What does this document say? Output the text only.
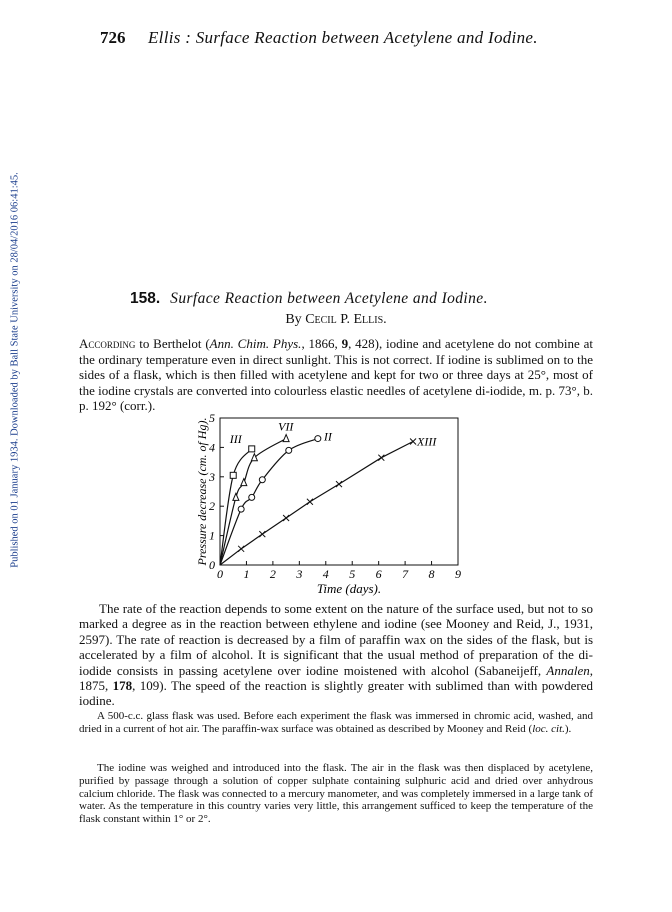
726 Ellis : Surface Reaction between Acetylene and Iodine.
Published on 01 January 1934. Downloaded by Ball State University on 28/04/2016 06:41:45.	158. Surface Reaction between Acetylene and Iodine.
By Cecil P. Ellis.
According to Berthelot (Ann. Chim. Phys., 1866, 9, 428), iodine and acetylene do not combine at the ordinary temperature even in direct sunlight. This is not correct. If iodine is sublimed on to the sides of a flask, which is then filled with acetylene and kept for two or three days at 25°, most of the iodine crystals are converted into colourless elastic needles of acetylene di-iodide, m. p. 73°, b. p. 192° (corr.).
0 1 2 3 4 5 6 7 8 9
0
1
2
3
4
5
Time (days).
Pressure decrease (cm. of Hg). III
VII
II	XIII
The rate of the reaction depends to some extent on the nature of the surface used, but not to so marked a degree as in the reaction between ethylene and iodine (see Mooney and Reid, J., 1931, 2597). The rate of reaction is decreased by a film of paraffin wax on the sides of the flask, but is accelerated by a film of alcohol. It is significant that the usual method of preparation of the di-iodide consists in passing acetylene over iodine moistened with alcohol (Sabaneijeff, Annalen, 1875, 178, 109). The speed of the reaction is slightly greater with sublimed than with powdered iodine.
A 500-c.c. glass flask was used. Before each experiment the flask was immersed in chromic acid, washed, and dried in a current of hot air. The paraffin-wax surface was obtained as described by Mooney and Reid (loc. cit.).
The iodine was weighed and introduced into the flask. The air in the flask was then displaced by acetylene, purified by passage through a solution of copper sulphate containing sulphuric acid and dried over anhydrous calcium chloride. The flask was connected to a mercury manometer, and was completely immersed in a large tank of water. As the temperature in this country varies very little, this arrangement sufficed to keep the temperature of the flask constant within 1° or 2°.
